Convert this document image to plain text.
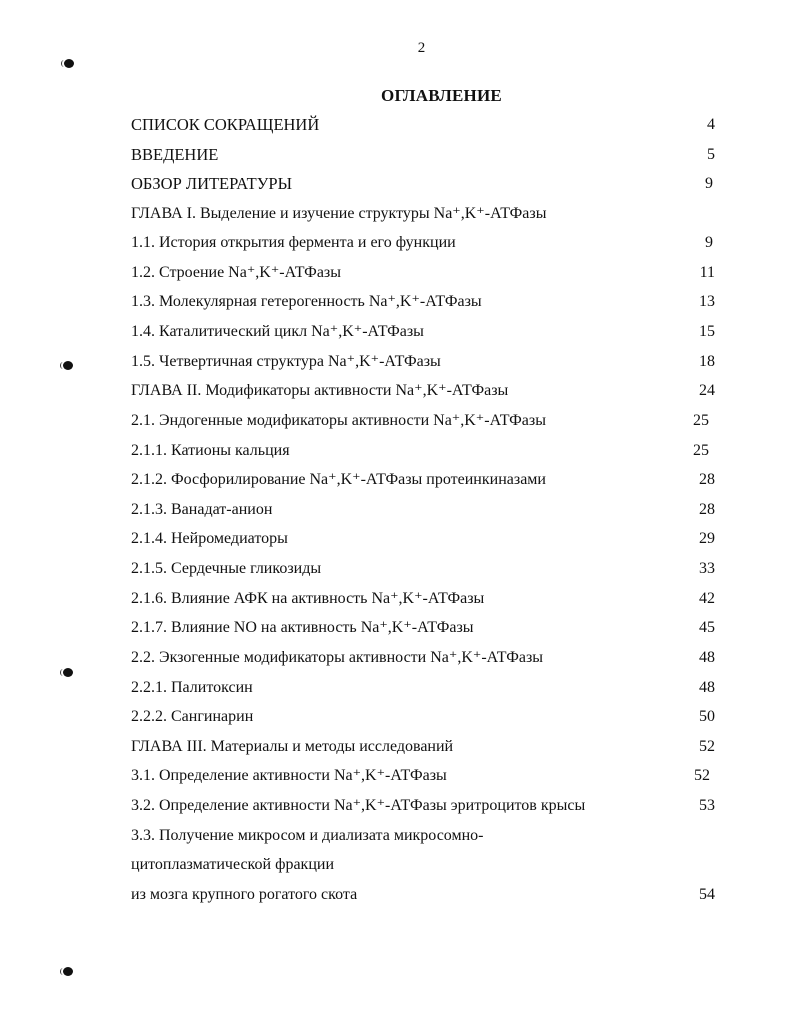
2
ОГЛАВЛЕНИЕ
СПИСОК СОКРАЩЕНИЙ	4
ВВЕДЕНИЕ	5
ОБЗОР ЛИТЕРАТУРЫ	9
ГЛАВА I. Выделение и изучение структуры Na⁺,K⁺-АТФазы
1.1. История открытия фермента и его функции	9
1.2. Строение Na⁺,K⁺-АТФазы	11
1.3. Молекулярная гетерогенность Na⁺,K⁺-АТФазы	13
1.4. Каталитический цикл Na⁺,K⁺-АТФазы	15
1.5. Четвертичная структура Na⁺,K⁺-АТФазы	18
ГЛАВА II. Модификаторы активности Na⁺,K⁺-АТФазы	24
2.1. Эндогенные модификаторы активности Na⁺,K⁺-АТФазы	25
2.1.1. Катионы кальция	25
2.1.2. Фосфорилирование Na⁺,K⁺-АТФазы протеинкиназами	28
2.1.3. Ванадат-анион	28
2.1.4. Нейромедиаторы	29
2.1.5. Сердечные гликозиды	33
2.1.6. Влияние АФК на активность Na⁺,K⁺-АТФазы	42
2.1.7. Влияние NO на активность Na⁺,K⁺-АТФазы	45
2.2. Экзогенные модификаторы активности Na⁺,K⁺-АТФазы	48
2.2.1. Палитоксин	48
2.2.2. Сангинарин	50
ГЛАВА III. Материалы и методы исследований	52
3.1. Определение активности Na⁺,K⁺-АТФазы	52
3.2. Определение активности Na⁺,K⁺-АТФазы эритроцитов крысы	53
3.3. Получение микросом и диализата микросомно-
цитоплазматической фракции
из мозга крупного рогатого скота	54
